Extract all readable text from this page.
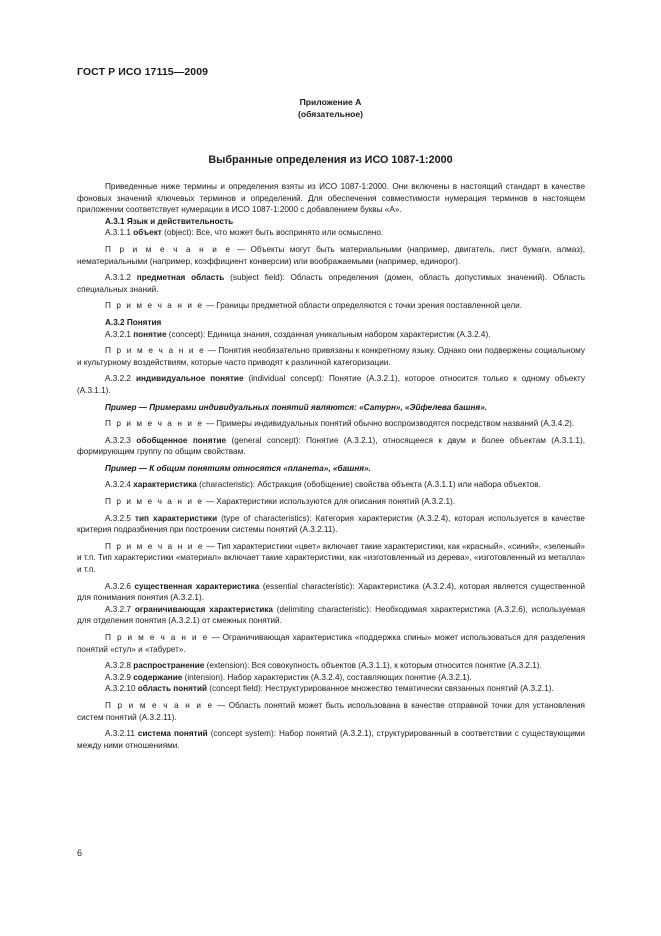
ГОСТ Р ИСО 17115—2009
Приложение А
(обязательное)
Выбранные определения из ИСО 1087-1:2000

Приведенные ниже термины и определения взяты из ИСО 1087-1:2000. Они включены в настоящий стандарт в качестве фоновых значений ключевых терминов и определений. Для обеспечения совместимости нумерация терминов в настоящем приложении соответствует нумерации в ИСО 1087-1:2000 с добавлением буквы «А».

А.3.1 Язык и действительность

А.3.1.1 объект (object): Все, что может быть воспринято или осмыслено.

П р и м е ч а н и е — Объекты могут быть материальными (например, двигатель, лист бумаги, алмаз), нематериальными (например, коэффициент конверсии) или воображаемыми (например, единорог).

А.3.1.2 предметная область (subject field): Область определения (домен, область допустимых значений). Область специальных знаний.

П р и м е ч а н и е — Границы предметной области определяются с точки зрения поставленной цели.

А.3.2 Понятия

А.3.2.1 понятие (concept): Единица знания, созданная уникальным набором характеристик (А.3.2.4).

П р и м е ч а н и е — Понятия необязательно привязаны к конкретному языку. Однако они подвержены социальному и культурному воздействиям, которые часто приводят к различной категоризации.

А.3.2.2 индивидуальное понятие (individual concept): Понятие (А.3.2.1), которое относится только к одному объекту (А.3.1.1).

Пример — Примерами индивидуальных понятий являются: «Сатурн», «Эйфелева башня».

П р и м е ч а н и е — Примеры индивидуальных понятий обычно воспроизводятся посредством названий (А.3.4.2).

А.3.2.3 обобщенное понятие (general concept): Понятие (А.3.2.1), относящееся к двум и более объектам (А.3.1.1), формирующим группу по общим свойствам.

Пример — К общим понятиям относятся «планета», «башня».

А.3.2.4 характеристика (characteristic): Абстракция (обобщение) свойства объекта (А.3.1.1) или набора объектов.

П р и м е ч а н и е — Характеристики используются для описания понятий (А.3.2.1).

А.3.2.5 тип характеристики (type of characteristics): Категория характеристик (А.3.2.4), которая используется в качестве критерия подразбиения при построении системы понятий (А.3.2.11).

П р и м е ч а н и е — Тип характеристики «цвет» включает такие характеристики, как «красный», «синий», «зеленый» и т.п. Тип характеристики «материал» включает такие характеристики, как «изготовленный из дерева», «изготовленный из металла» и т.п.

А.3.2.6 существенная характеристика (essential characteristic): Характеристика (А.3.2.4), которая является существенной для понимания понятия (А.3.2.1).

А.3.2.7 ограничивающая характеристика (delimiting characteristic): Необходимая характеристика (А.3.2.6), используемая для отделения понятия (А.3.2.1) от смежных понятий.

П р и м е ч а н и е — Ограничивающая характеристика «поддержка спины» может использоваться для разделения понятий «стул» и «табурет».

А.3.2.8 распространение (extension): Вся совокупность объектов (А.3.1.1), к которым относится понятие (А.3.2.1).

А.3.2.9 содержание (intension). Набор характеристик (А.3.2.4), составляющих понятие (А.3.2.1).

А.3.2.10 область понятий (concept field): Неструктурированное множество тематически связанных понятий (А.3.2.1).

П р и м е ч а н и е — Область понятий может быть использована в качестве отправной точки для установления систем понятий (А.3.2.11).

А.3.2.11 система понятий (concept system): Набор понятий (А.3.2.1), структурированный в соответствии с существующими между ними отношениями.

6
